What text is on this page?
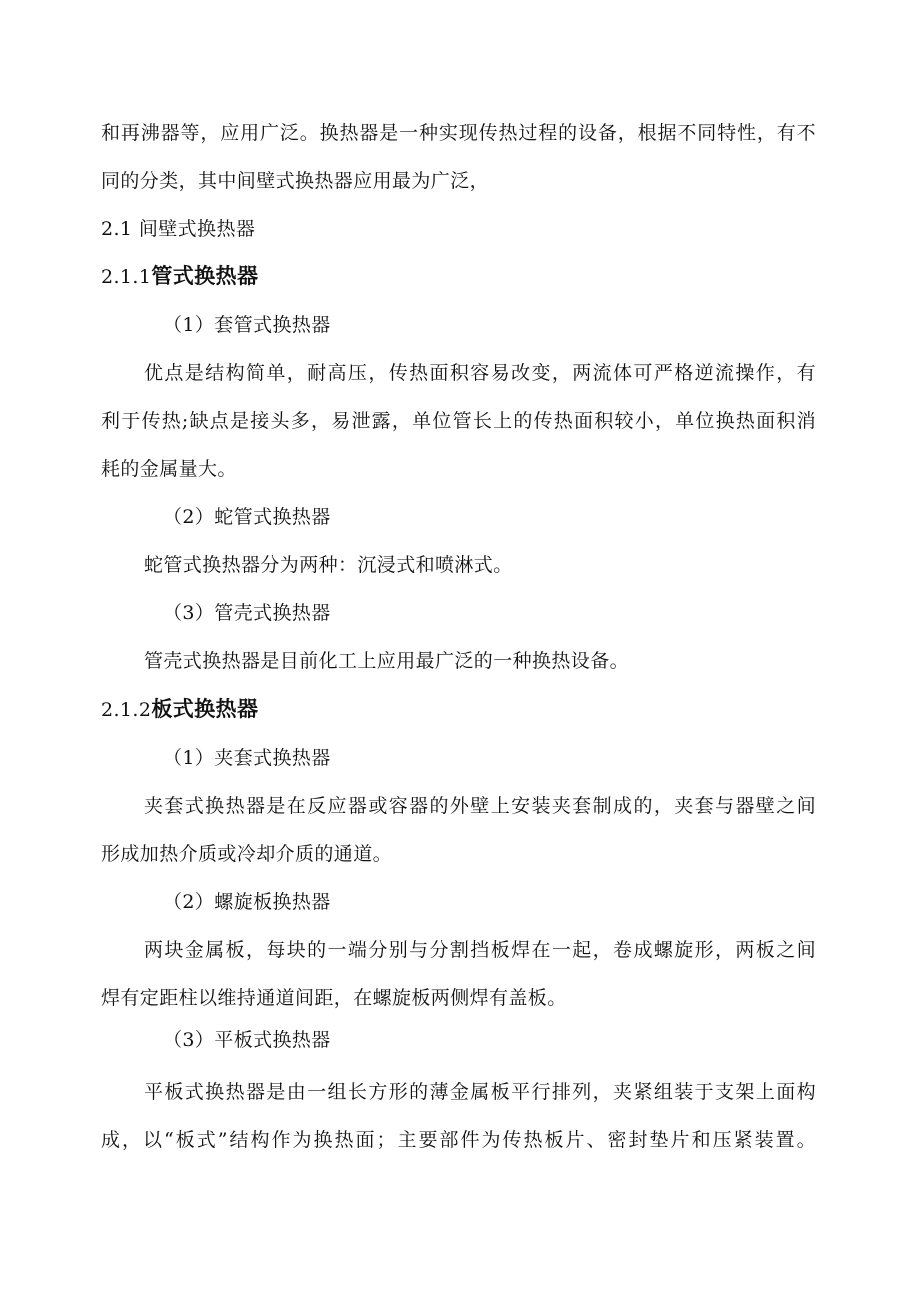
和再沸器等，应用广泛。换热器是一种实现传热过程的设备，根据不同特性，有不
同的分类，其中间壁式换热器应用最为广泛，
2.1 间壁式换热器
2.1.1管式换热器
（1）套管式换热器
优点是结构简单，耐高压，传热面积容易改变，两流体可严格逆流操作，有
利于传热;缺点是接头多，易泄露，单位管长上的传热面积较小，单位换热面积消
耗的金属量大。
（2）蛇管式换热器
蛇管式换热器分为两种：沉浸式和喷淋式。
（3）管壳式换热器
管壳式换热器是目前化工上应用最广泛的一种换热设备。
2.1.2板式换热器
（1）夹套式换热器
夹套式换热器是在反应器或容器的外壁上安装夹套制成的，夹套与器壁之间
形成加热介质或冷却介质的通道。
（2）螺旋板换热器
两块金属板，每块的一端分别与分割挡板焊在一起，卷成螺旋形，两板之间
焊有定距柱以维持通道间距，在螺旋板两侧焊有盖板。
（3）平板式换热器
平板式换热器是由一组长方形的薄金属板平行排列，夹紧组装于支架上面构
成，以“板式”结构作为换热面；主要部件为传热板片、密封垫片和压紧装置。
